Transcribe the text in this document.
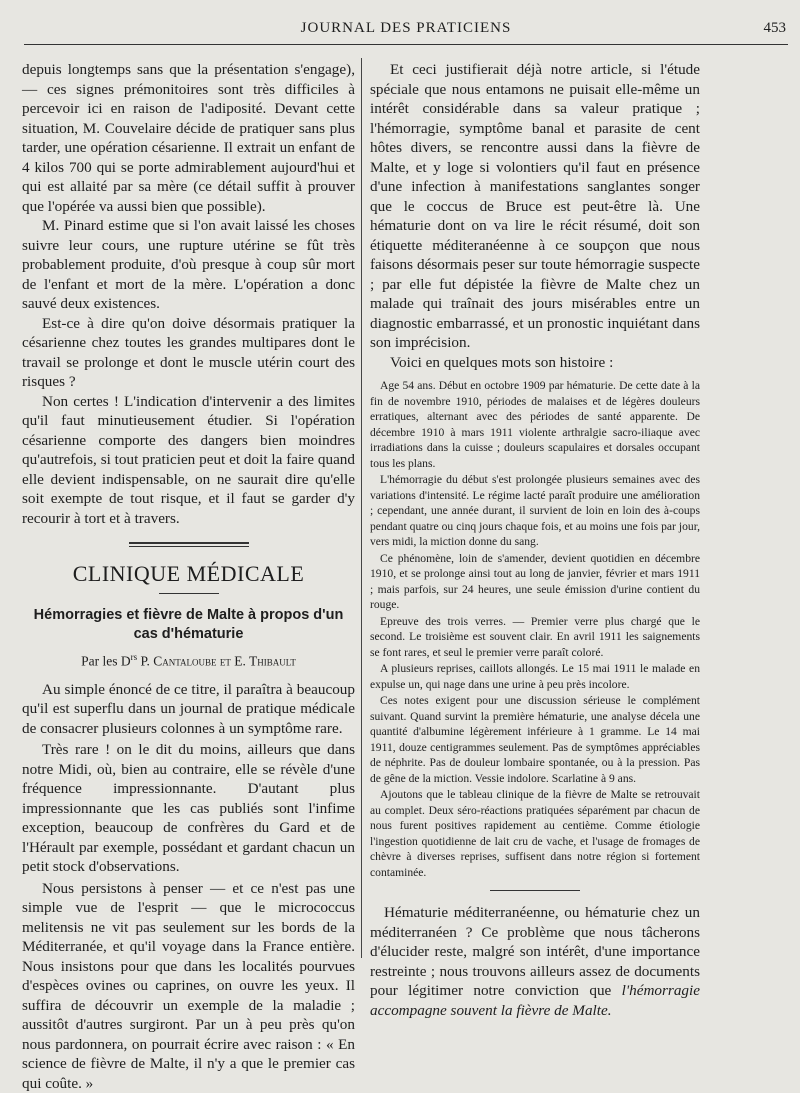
JOURNAL DES PRATICIENS	453

depuis longtemps sans que la présentation s'engage), — ces signes prémonitoires sont très difficiles à percevoir ici en raison de l'adiposité. Devant cette situation, M. Couvelaire décide de pratiquer sans plus tarder, une opération césarienne. Il extrait un enfant de 4 kilos 700 qui se porte admirablement aujourd'hui et qui est allaité par sa mère (ce détail suffit à prouver que l'opérée va aussi bien que possible).

M. Pinard estime que si l'on avait laissé les choses suivre leur cours, une rupture utérine se fût très probablement produite, d'où presque à coup sûr mort de l'enfant et mort de la mère. L'opération a donc sauvé deux existences.

Est-ce à dire qu'on doive désormais pratiquer la césarienne chez toutes les grandes multipares dont le travail se prolonge et dont le muscle utérin court des risques ?

Non certes ! L'indication d'intervenir a des limites qu'il faut minutieusement étudier. Si l'opération césarienne comporte des dangers bien moindres qu'autrefois, si tout praticien peut et doit la faire quand elle devient indispensable, on ne saurait dire qu'elle soit exempte de tout risque, et il faut se garder d'y recourir à tort et à travers.

CLINIQUE MÉDICALE
Hémorragies et fièvre de Malte à propos d'un cas d'hématurie
Par les $D^{rs}$ P. Cantaloube et E. Thibault

Au simple énoncé de ce titre, il paraîtra à beaucoup qu'il est superflu dans un journal de pratique médicale de consacrer plusieurs colonnes à un symptôme rare.

Très rare ! on le dit du moins, ailleurs que dans notre Midi, où, bien au contraire, elle se révèle d'une fréquence impressionnante. D'autant plus impressionnante que les cas publiés sont l'infime exception, beaucoup de confrères du Gard et de l'Hérault par exemple, possédant et gardant chacun un petit stock d'observations.

Nous persistons à penser — et ce n'est pas une simple vue de l'esprit — que le micrococcus melitensis ne vit pas seulement sur les bords de la Méditerranée, et qu'il voyage dans la France entière. Nous insistons pour que dans les localités pourvues d'espèces ovines ou caprines, on ouvre les yeux. Il suffira de découvrir un exemple de la maladie ; aussitôt d'autres surgiront. Par un à peu près qu'on nous pardonnera, on pourrait écrire avec raison : « En science de fièvre de Malte, il n'y a que le premier cas qui coûte. »

Et ceci justifierait déjà notre article, si l'étude spéciale que nous entamons ne puisait elle-même un intérêt considérable dans sa valeur pratique ; l'hémorragie, symptôme banal et parasite de cent hôtes divers, se rencontre aussi dans la fièvre de Malte, et y loge si volontiers qu'il faut en présence d'une infection à manifestations sanglantes songer que le coccus de Bruce est peut-être là. Une hématurie dont on va lire le récit résumé, doit son étiquette méditeranéenne à ce soupçon que nous faisons désormais peser sur toute hémorragie suspecte ; par elle fut dépistée la fièvre de Malte chez un malade qui traînait des jours misérables entre un diagnostic embarrassé, et un pronostic inquiétant dans son imprécision.

Voici en quelques mots son histoire :

Age 54 ans. Début en octobre 1909 par hématurie. De cette date à la fin de novembre 1910, périodes de malaises et de légères douleurs erratiques, alternant avec des périodes de santé apparente. De décembre 1910 à mars 1911 violente arthralgie sacro-iliaque avec irradiations dans la cuisse ; douleurs scapulaires et dorsales occupant tous les plans.

L'hémorragie du début s'est prolongée plusieurs semaines avec des variations d'intensité. Le régime lacté paraît produire une amélioration ; cependant, une année durant, il survient de loin en loin des à-coups pendant quatre ou cinq jours chaque fois, et au moins une fois par jour, vers midi, la miction donne du sang.

Ce phénomène, loin de s'amender, devient quotidien en décembre 1910, et se prolonge ainsi tout au long de janvier, février et mars 1911 ; mais parfois, sur 24 heures, une seule émission d'urine contient du rouge.

Epreuve des trois verres. — Premier verre plus chargé que le second. Le troisième est souvent clair. En avril 1911 les saignements se font rares, et seul le premier verre paraît coloré.

A plusieurs reprises, caillots allongés. Le 15 mai 1911 le malade en expulse un, qui nage dans une urine à peu près incolore.

Ces notes exigent pour une discussion sérieuse le complément suivant. Quand survint la première hématurie, une analyse décela une quantité d'albumine légèrement inférieure à 1 gramme. Le 14 mai 1911, douze centigrammes seulement. Pas de symptômes appréciables de néphrite. Pas de douleur lombaire spontanée, ou à la pression. Pas de gêne de la miction. Vessie indolore. Scarlatine à 9 ans.

Ajoutons que le tableau clinique de la fièvre de Malte se retrouvait au complet. Deux séro-réactions pratiquées séparément par chacun de nous furent positives rapidement au centième. Comme étiologie l'ingestion quotidienne de lait cru de vache, et l'usage de fromages de chèvre à diverses reprises, suffisent dans notre région si fortement contaminée.

Hématurie méditerranéenne, ou hématurie chez un méditerranéen ? Ce problème que nous tâcherons d'élucider reste, malgré son intérêt, d'une importance restreinte ; nous trouvons ailleurs assez de documents pour légitimer notre conviction que l'hémorragie accompagne souvent la fièvre de Malte.
